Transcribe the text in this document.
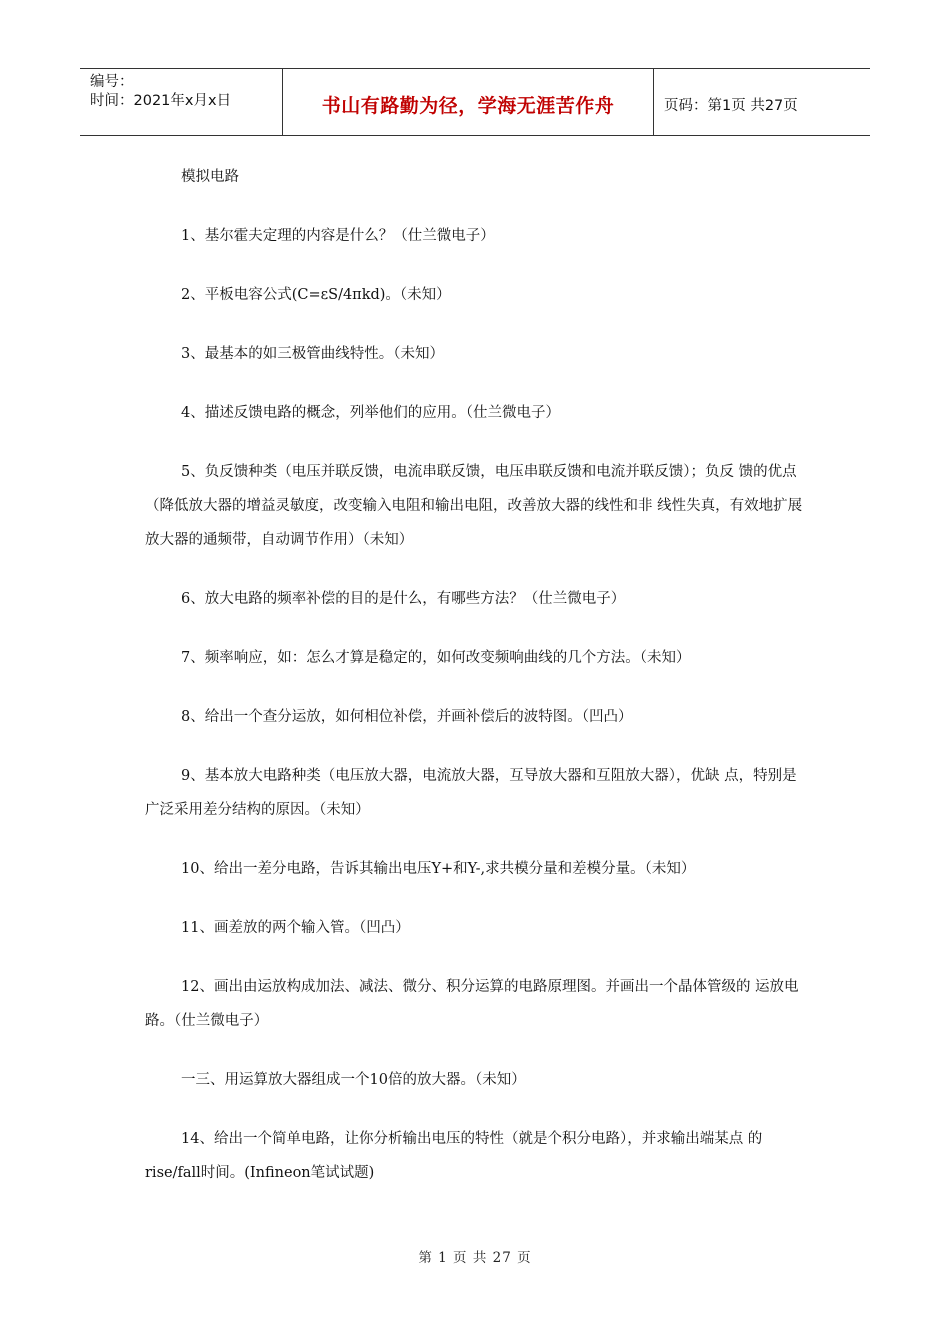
编号：
时间：2021年x月x日	书山有路勤为径，学海无涯苦作舟	页码：第1页 共27页

模拟电路

1、基尔霍夫定理的内容是什么？（仕兰微电子）

2、平板电容公式(C=εS/4πkd)。（未知）

3、最基本的如三极管曲线特性。（未知）

4、描述反馈电路的概念，列举他们的应用。（仕兰微电子）

5、负反馈种类（电压并联反馈，电流串联反馈，电压串联反馈和电流并联反馈）；负反 馈的优点（降低放大器的增益灵敏度，改变输入电阻和输出电阻，改善放大器的线性和非 线性失真，有效地扩展放大器的通频带，自动调节作用）（未知）

6、放大电路的频率补偿的目的是什么，有哪些方法？（仕兰微电子）

7、频率响应，如：怎么才算是稳定的，如何改变频响曲线的几个方法。（未知）

8、给出一个查分运放，如何相位补偿，并画补偿后的波特图。（凹凸）

9、基本放大电路种类（电压放大器，电流放大器，互导放大器和互阻放大器），优缺 点，特别是广泛采用差分结构的原因。（未知）

10、给出一差分电路，告诉其输出电压Y+和Y-,求共模分量和差模分量。（未知）

11、画差放的两个输入管。（凹凸）

12、画出由运放构成加法、减法、微分、积分运算的电路原理图。并画出一个晶体管级的 运放电路。（仕兰微电子）

一三、用运算放大器组成一个10倍的放大器。（未知）

14、给出一个简单电路，让你分析输出电压的特性（就是个积分电路），并求输出端某点 的 rise/fall时间。(Infineon笔试试题)

第 1 页 共 27 页
